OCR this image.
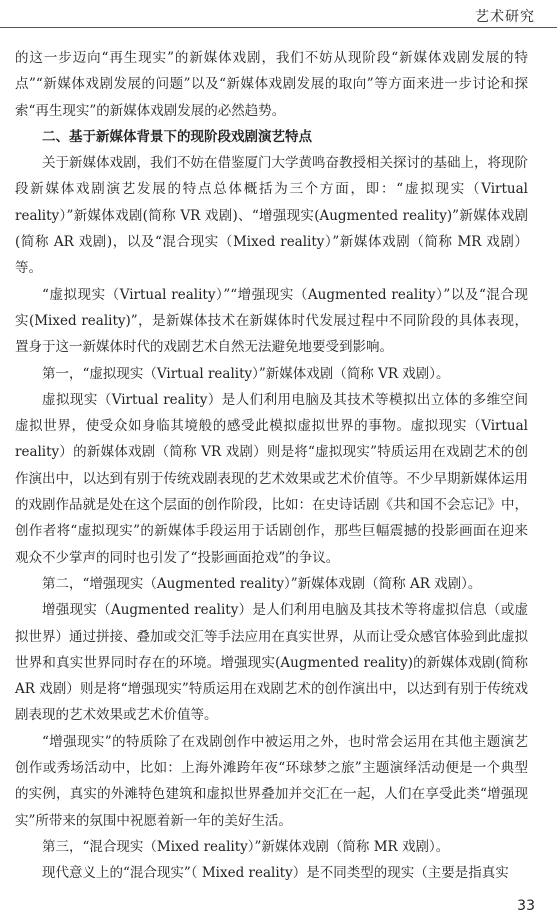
艺术研究

的这一步迈向“再生现实”的新媒体戏剧，我们不妨从现阶段“新媒体戏剧发展的特点”“新媒体戏剧发展的问题”以及“新媒体戏剧发展的取向”等方面来进一步讨论和探索“再生现实”的新媒体戏剧发展的必然趋势。

二、基于新媒体背景下的现阶段戏剧演艺特点

关于新媒体戏剧，我们不妨在借鉴厦门大学黄鸣奋教授相关探讨的基础上，将现阶段新媒体戏剧演艺发展的特点总体概括为三个方面，即：“虚拟现实（Virtual reality）”新媒体戏剧(简称 VR 戏剧)、“增强现实(Augmented reality)”新媒体戏剧(简称 AR 戏剧)，以及“混合现实（Mixed reality）”新媒体戏剧（简称 MR 戏剧）等。

“虚拟现实（Virtual reality）”“增强现实（Augmented reality）”以及“混合现实(Mixed reality)”，是新媒体技术在新媒体时代发展过程中不同阶段的具体表现，置身于这一新媒体时代的戏剧艺术自然无法避免地要受到影响。

第一，“虚拟现实（Virtual reality）”新媒体戏剧（简称 VR 戏剧）。

虚拟现实（Virtual reality）是人们利用电脑及其技术等模拟出立体的多维空间虚拟世界，使受众如身临其境般的感受此模拟虚拟世界的事物。虚拟现实（Virtual reality）的新媒体戏剧（简称 VR 戏剧）则是将“虚拟现实”特质运用在戏剧艺术的创作演出中，以达到有别于传统戏剧表现的艺术效果或艺术价值等。不少早期新媒体运用的戏剧作品就是处在这个层面的创作阶段，比如：在史诗话剧《共和国不会忘记》中，创作者将“虚拟现实”的新媒体手段运用于话剧创作，那些巨幅震撼的投影画面在迎来观众不少掌声的同时也引发了“投影画面抢戏”的争议。

第二，“增强现实（Augmented reality）”新媒体戏剧（简称 AR 戏剧）。

增强现实（Augmented reality）是人们利用电脑及其技术等将虚拟信息（或虚拟世界）通过拼接、叠加或交汇等手法应用在真实世界，从而让受众感官体验到此虚拟世界和真实世界同时存在的环境。增强现实(Augmented reality)的新媒体戏剧(简称 AR 戏剧）则是将“增强现实”特质运用在戏剧艺术的创作演出中，以达到有别于传统戏剧表现的艺术效果或艺术价值等。

“增强现实”的特质除了在戏剧创作中被运用之外，也时常会运用在其他主题演艺创作或秀场活动中，比如：上海外滩跨年夜“环球梦之旅”主题演绎活动便是一个典型的实例，真实的外滩特色建筑和虚拟世界叠加并交汇在一起，人们在享受此类“增强现实”所带来的氛围中祝愿着新一年的美好生活。

第三，“混合现实（Mixed reality）”新媒体戏剧（简称 MR 戏剧）。

现代意义上的“混合现实”（ Mixed reality）是不同类型的现实（主要是指真实

33
